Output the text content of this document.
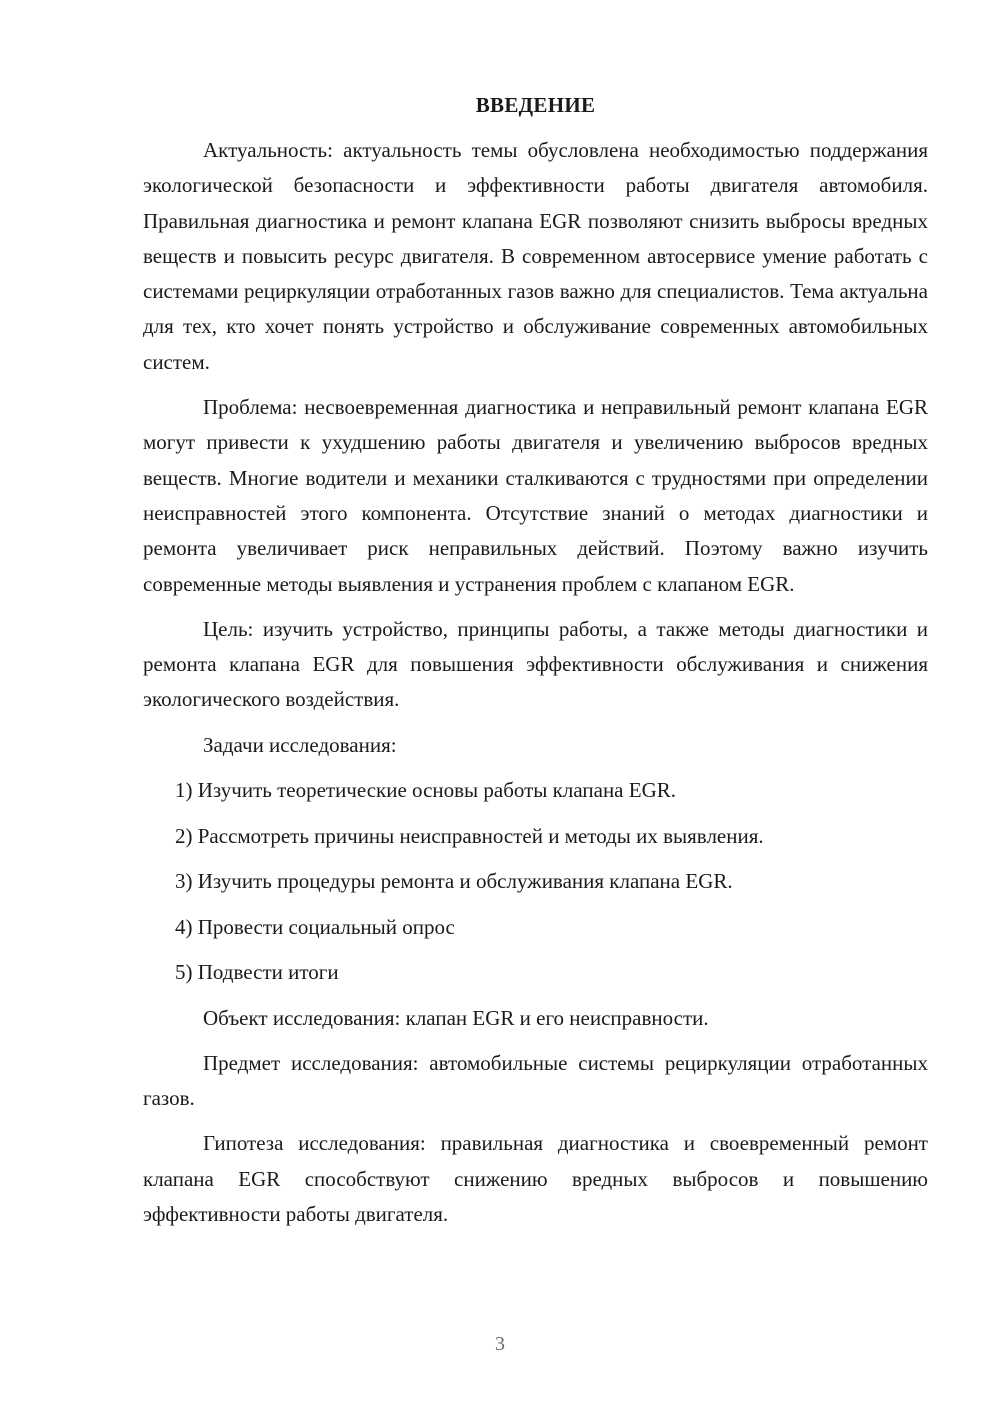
ВВЕДЕНИЕ

Актуальность: актуальность темы обусловлена необходимостью поддержания экологической безопасности и эффективности работы двигателя автомобиля. Правильная диагностика и ремонт клапана EGR позволяют снизить выбросы вредных веществ и повысить ресурс двигателя. В современном автосервисе умение работать с системами рециркуляции отработанных газов важно для специалистов. Тема актуальна для тех, кто хочет понять устройство и обслуживание современных автомобильных систем.

Проблема: несвоевременная диагностика и неправильный ремонт клапана EGR могут привести к ухудшению работы двигателя и увеличению выбросов вредных веществ. Многие водители и механики сталкиваются с трудностями при определении неисправностей этого компонента. Отсутствие знаний о методах диагностики и ремонта увеличивает риск неправильных действий. Поэтому важно изучить современные методы выявления и устранения проблем с клапаном EGR.

Цель: изучить устройство, принципы работы, а также методы диагностики и ремонта клапана EGR для повышения эффективности обслуживания и снижения экологического воздействия.

Задачи исследования:

1) Изучить теоретические основы работы клапана EGR.
2) Рассмотреть причины неисправностей и методы их выявления.
3) Изучить процедуры ремонта и обслуживания клапана EGR.
4) Провести социальный опрос
5) Подвести итоги

Объект исследования: клапан EGR и его неисправности.

Предмет исследования: автомобильные системы рециркуляции отработанных газов.

Гипотеза исследования: правильная диагностика и своевременный ремонт клапана EGR способствуют снижению вредных выбросов и повышению эффективности работы двигателя.

3
